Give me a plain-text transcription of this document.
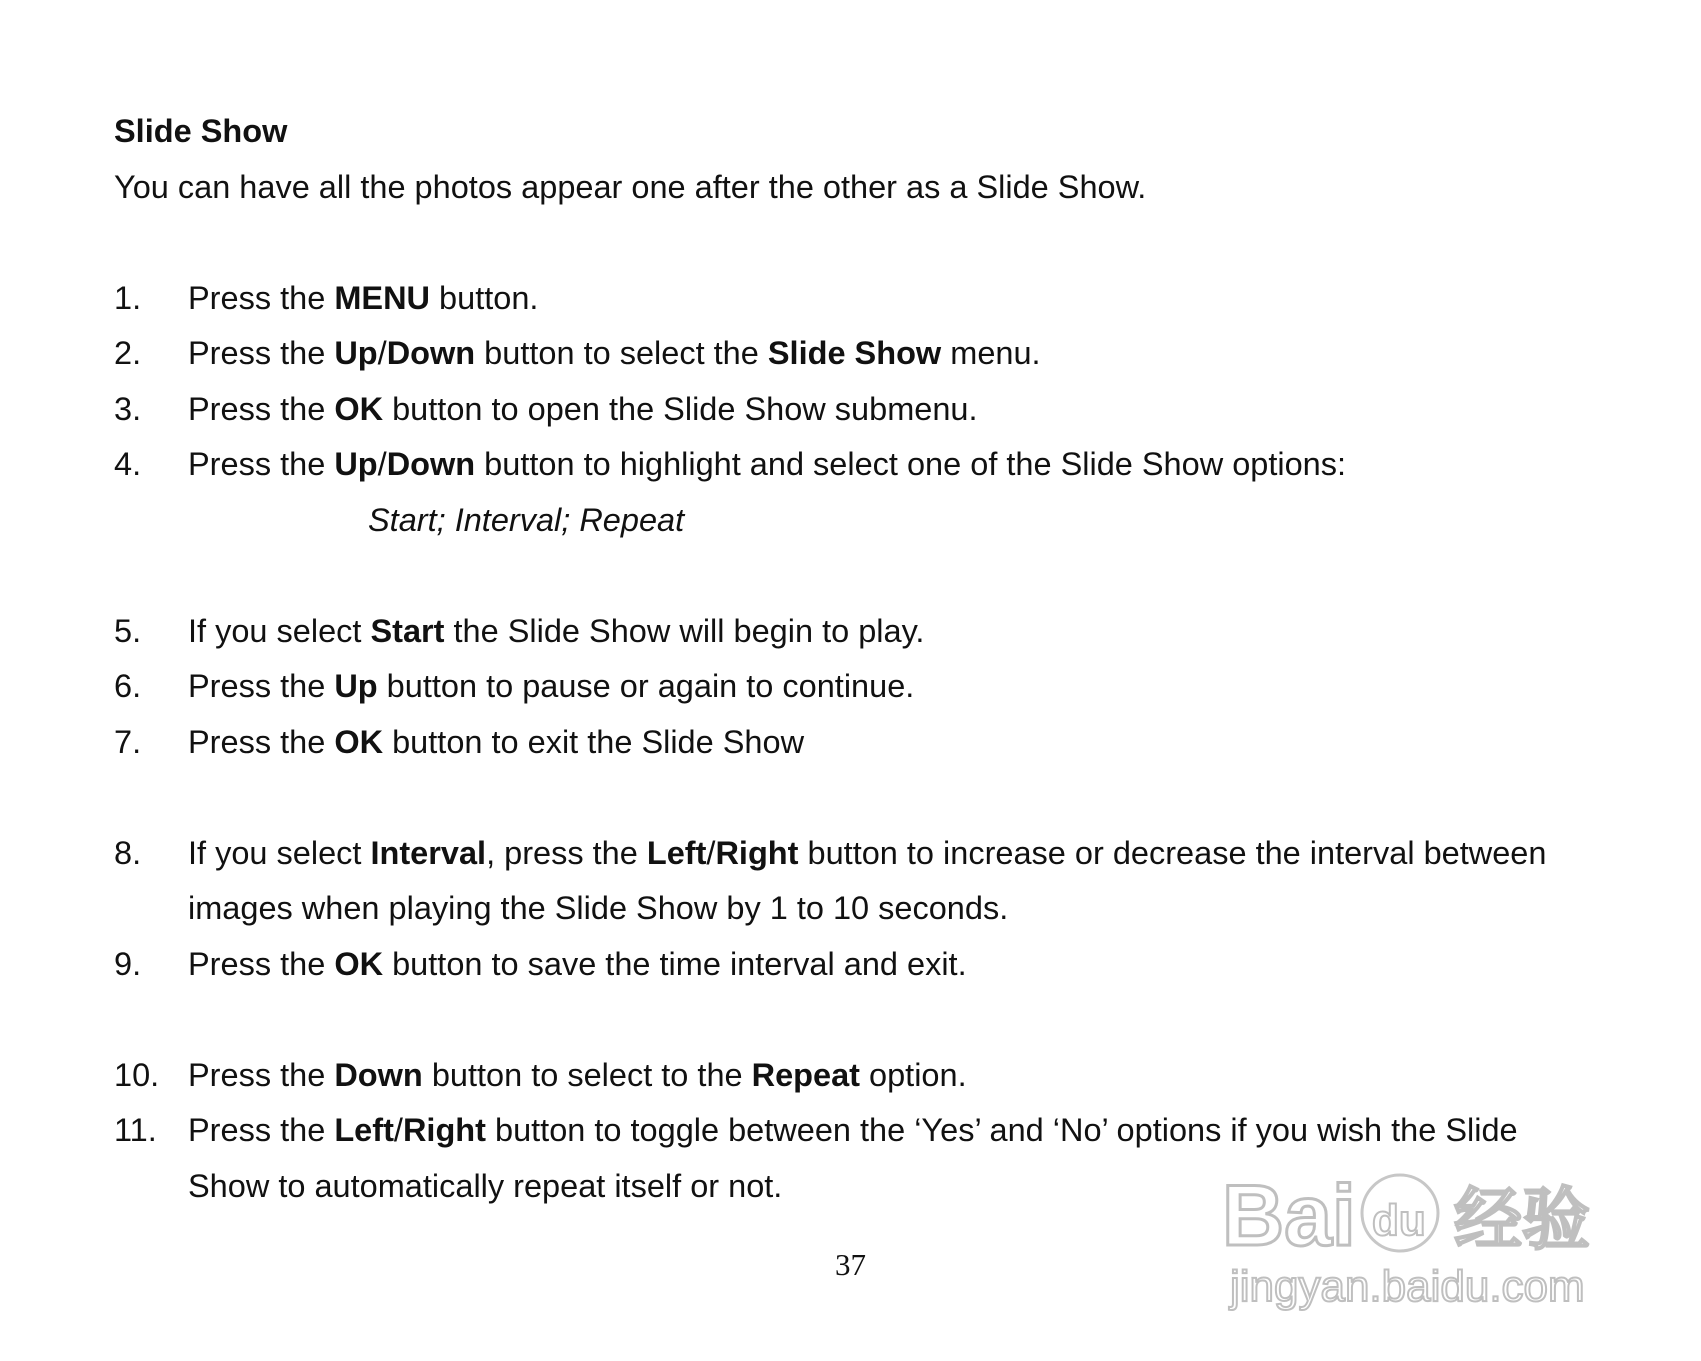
Slide Show

You can have all the photos appear one after the other as a Slide Show.

1.	Press the MENU button.
2.	Press the Up/Down button to select the Slide Show menu.
3.	Press the OK button to open the Slide Show submenu.
4.	Press the Up/Down button to highlight and select one of the Slide Show options:
Start; Interval; Repeat
5.	If you select Start the Slide Show will begin to play.
6.	Press the Up button to pause or again to continue.
7.	Press the OK button to exit the Slide Show
8.	If you select Interval, press the Left/Right button to increase or decrease the interval between images when playing the Slide Show by 1 to 10 seconds.
9.	Press the OK button to save the time interval and exit.
10. Press the Down button to select to the Repeat option.
11. Press the Left/Right button to toggle between the ‘Yes’ and ‘No’ options if you wish the Slide Show to automatically repeat itself or not.
37
Bai du 经验
jingyan.baidu.com
